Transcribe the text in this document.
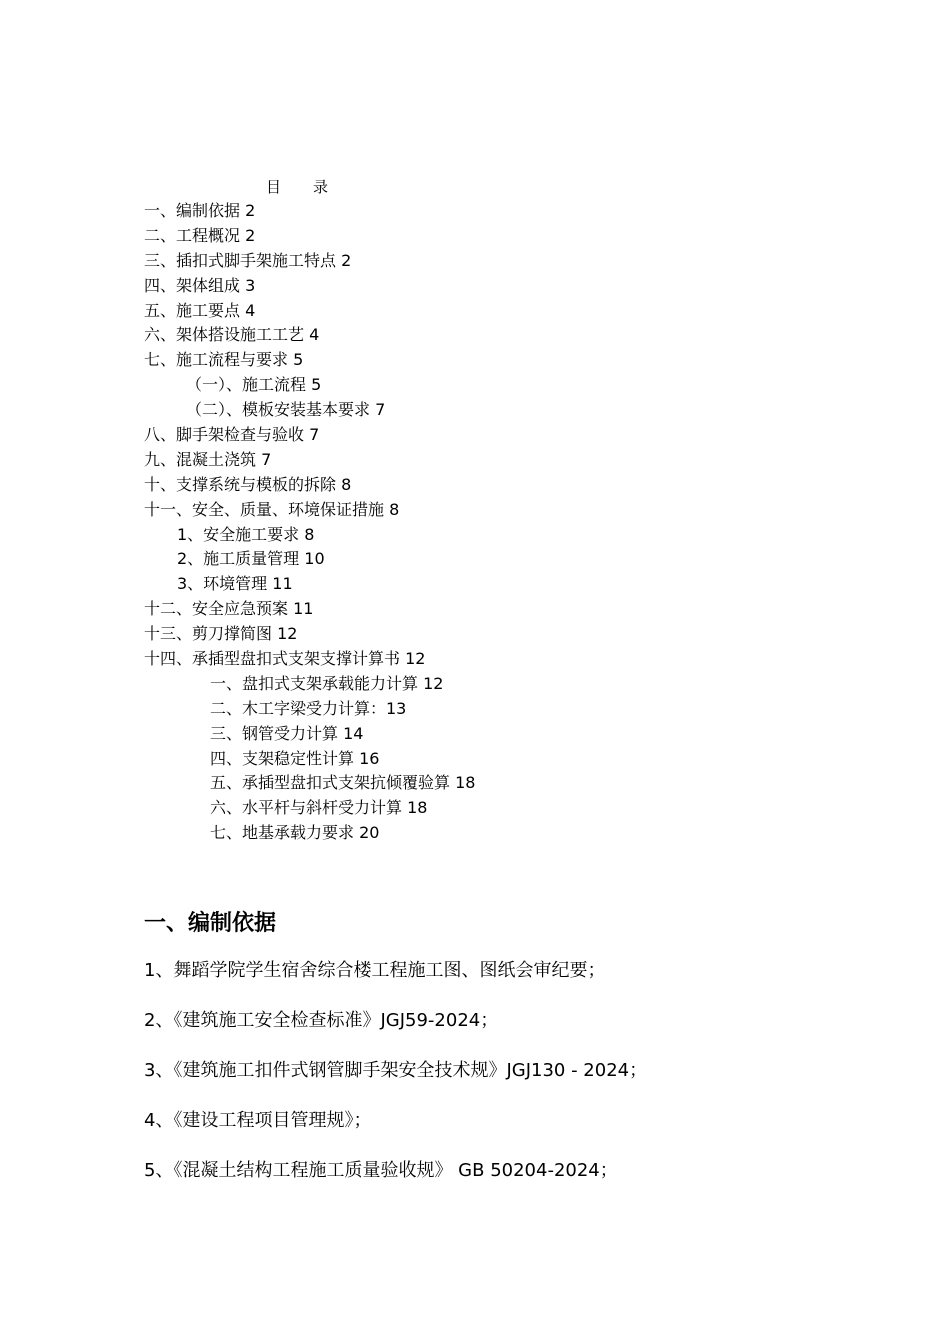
目 录
一、编制依据 2
二、工程概况 2
三、插扣式脚手架施工特点 2
四、架体组成 3
五、施工要点 4
六、架体搭设施工工艺 4
七、施工流程与要求 5
（一）、施工流程 5
（二）、模板安装基本要求 7
八、脚手架检查与验收 7
九、混凝土浇筑 7
十、支撑系统与模板的拆除 8
十一、安全、质量、环境保证措施 8
1、安全施工要求 8
2、施工质量管理 10
3、环境管理 11
十二、安全应急预案 11
十三、剪刀撑简图 12
十四、承插型盘扣式支架支撑计算书 12
一、盘扣式支架承载能力计算 12
二、木工字梁受力计算：13
三、钢管受力计算 14
四、支架稳定性计算 16
五、承插型盘扣式支架抗倾覆验算 18
六、水平杆与斜杆受力计算 18
七、地基承载力要求 20
一、编制依据
1、舞蹈学院学生宿舍综合楼工程施工图、图纸会审纪要；
2、《建筑施工安全检查标准》JGJ59-2024；
3、《建筑施工扣件式钢管脚手架安全技术规》JGJ130 - 2024；
4、《建设工程项目管理规》；
5、《混凝土结构工程施工质量验收规》 GB 50204-2024；
